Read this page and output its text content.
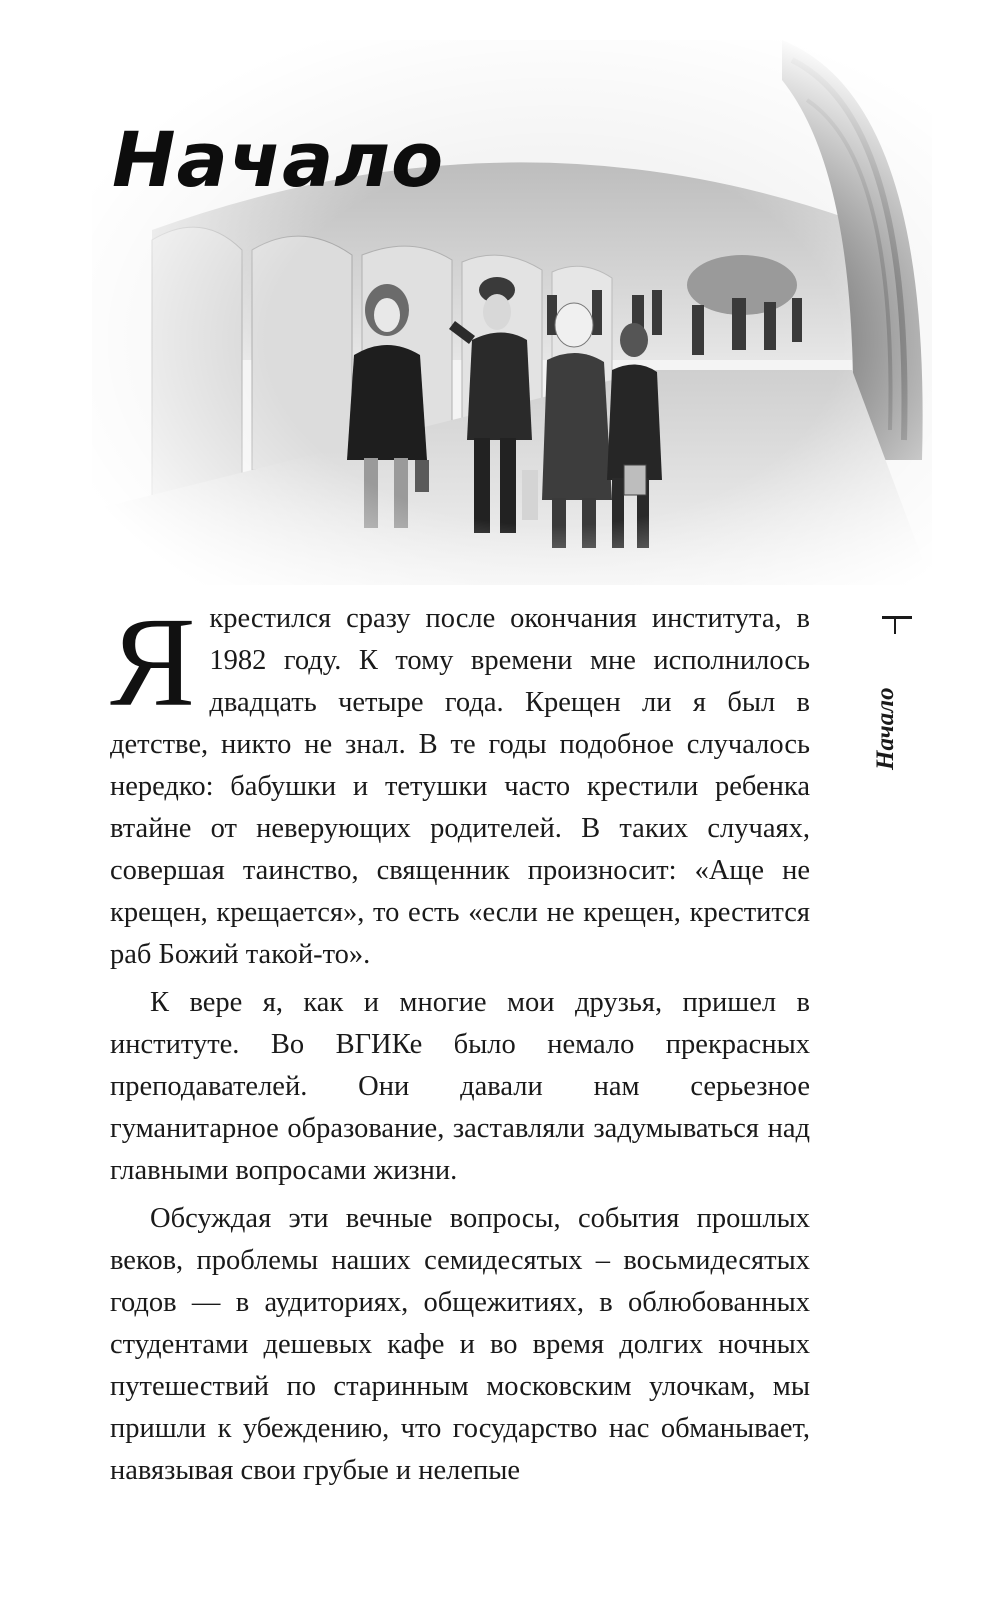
Начало
Начало

Я крестился сразу после окончания института, в 1982 году. К тому времени мне исполнилось двадцать четыре года. Крещен ли я был в детстве, никто не знал. В те годы подобное случалось нередко: бабушки и тетушки часто крестили ребенка втайне от неверующих родителей. В таких случаях, совершая таинство, священник произносит: «Аще не крещен, крещается», то есть «если не крещен, крестится раб Божий такой-то».

К вере я, как и многие мои друзья, пришел в институте. Во ВГИКе было немало прекрасных преподавателей. Они давали нам серьезное гуманитарное образование, заставляли задумываться над главными вопросами жизни.

Обсуждая эти вечные вопросы, события прошлых веков, проблемы наших семидесятых – восьмидесятых годов — в аудиториях, общежитиях, в облюбованных студентами дешевых кафе и во время долгих ночных путешествий по старинным московским улочкам, мы пришли к убеждению, что государство нас обманывает, навязывая свои грубые и нелепые
